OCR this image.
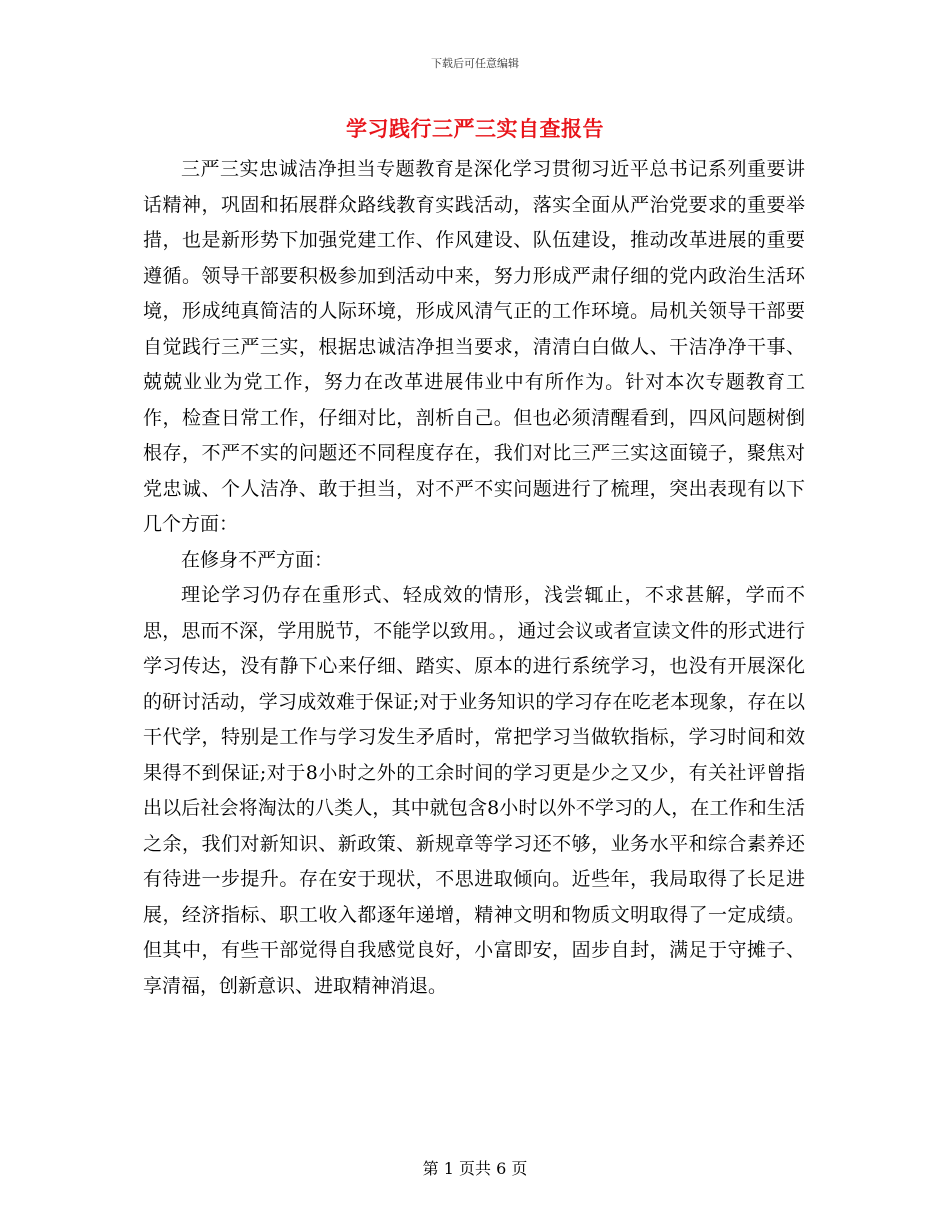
下载后可任意编辑
学习践行三严三实自查报告

三严三实忠诚洁净担当专题教育是深化学习贯彻习近平总书记系列重要讲话精神，巩固和拓展群众路线教育实践活动，落实全面从严治党要求的重要举措，也是新形势下加强党建工作、作风建设、队伍建设，推动改革进展的重要遵循。领导干部要积极参加到活动中来，努力形成严肃仔细的党内政治生活环境，形成纯真简洁的人际环境，形成风清气正的工作环境。局机关领导干部要自觉践行三严三实，根据忠诚洁净担当要求，清清白白做人、干洁净净干事、兢兢业业为党工作，努力在改革进展伟业中有所作为。针对本次专题教育工作，检查日常工作，仔细对比，剖析自己。但也必须清醒看到，四风问题树倒根存，不严不实的问题还不同程度存在，我们对比三严三实这面镜子，聚焦对党忠诚、个人洁净、敢于担当，对不严不实问题进行了梳理，突出表现有以下几个方面：

在修身不严方面：

理论学习仍存在重形式、轻成效的情形，浅尝辄止，不求甚解，学而不思，思而不深，学用脱节，不能学以致用。，通过会议或者宣读文件的形式进行学习传达，没有静下心来仔细、踏实、原本的进行系统学习，也没有开展深化的研讨活动，学习成效难于保证;对于业务知识的学习存在吃老本现象，存在以干代学，特别是工作与学习发生矛盾时，常把学习当做软指标，学习时间和效果得不到保证;对于8小时之外的工余时间的学习更是少之又少，有关社评曾指出以后社会将淘汰的八类人，其中就包含8小时以外不学习的人，在工作和生活之余，我们对新知识、新政策、新规章等学习还不够，业务水平和综合素养还有待进一步提升。存在安于现状，不思进取倾向。近些年，我局取得了长足进展，经济指标、职工收入都逐年递增，精神文明和物质文明取得了一定成绩。但其中，有些干部觉得自我感觉良好，小富即安，固步自封，满足于守摊子、享清福，创新意识、进取精神消退。

第 1 页共 6 页
